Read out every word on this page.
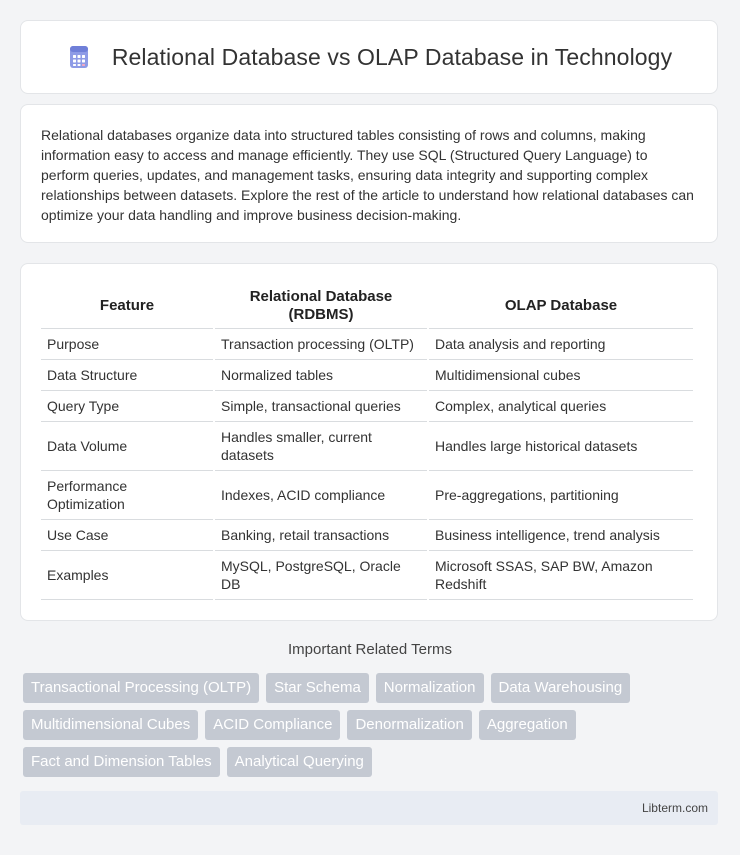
Relational Database vs OLAP Database in Technology

Relational databases organize data into structured tables consisting of rows and columns, making information easy to access and manage efficiently. They use SQL (Structured Query Language) to perform queries, updates, and management tasks, ensuring data integrity and supporting complex relationships between datasets. Explore the rest of the article to understand how relational databases can optimize your data handling and improve business decision-making.

Feature	Relational Database (RDBMS)	OLAP Database
Purpose	Transaction processing (OLTP)	Data analysis and reporting
Data Structure	Normalized tables	Multidimensional cubes
Query Type	Simple, transactional queries	Complex, analytical queries
Data Volume	Handles smaller, current datasets	Handles large historical datasets
Performance Optimization	Indexes, ACID compliance	Pre-aggregations, partitioning
Use Case	Banking, retail transactions	Business intelligence, trend analysis
Examples	MySQL, PostgreSQL, Oracle DB	Microsoft SSAS, SAP BW, Amazon Redshift
Important Related Terms
Transactional Processing (OLTP)	Star Schema	Normalization	Data Warehousing
Multidimensional Cubes	ACID Compliance	Denormalization	Aggregation
Fact and Dimension Tables	Analytical Querying
Libterm.com
